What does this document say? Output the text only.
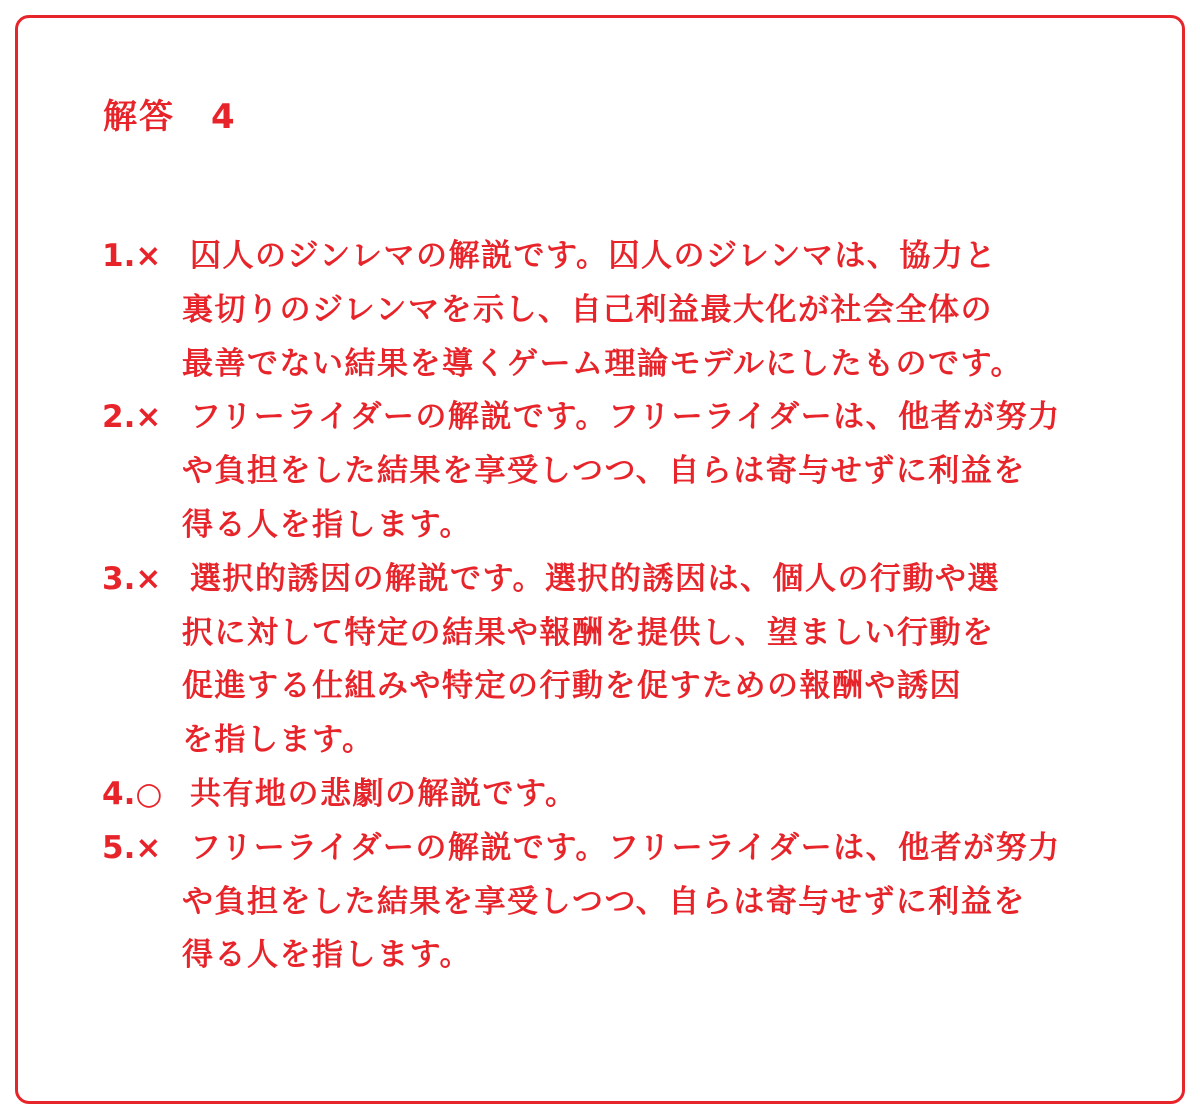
解答　4
1.× 囚人のジンレマの解説です。囚人のジレンマは、協力と
裏切りのジレンマを示し、自己利益最大化が社会全体の
最善でない結果を導くゲーム理論モデルにしたものです。
2.× フリーライダーの解説です。フリーライダーは、他者が努力
や負担をした結果を享受しつつ、自らは寄与せずに利益を
得る人を指します。
3.× 選択的誘因の解説です。選択的誘因は、個人の行動や選
択に対して特定の結果や報酬を提供し、望ましい行動を
促進する仕組みや特定の行動を促すための報酬や誘因
を指します。
4.○ 共有地の悲劇の解説です。
5.× フリーライダーの解説です。フリーライダーは、他者が努力
や負担をした結果を享受しつつ、自らは寄与せずに利益を
得る人を指します。
